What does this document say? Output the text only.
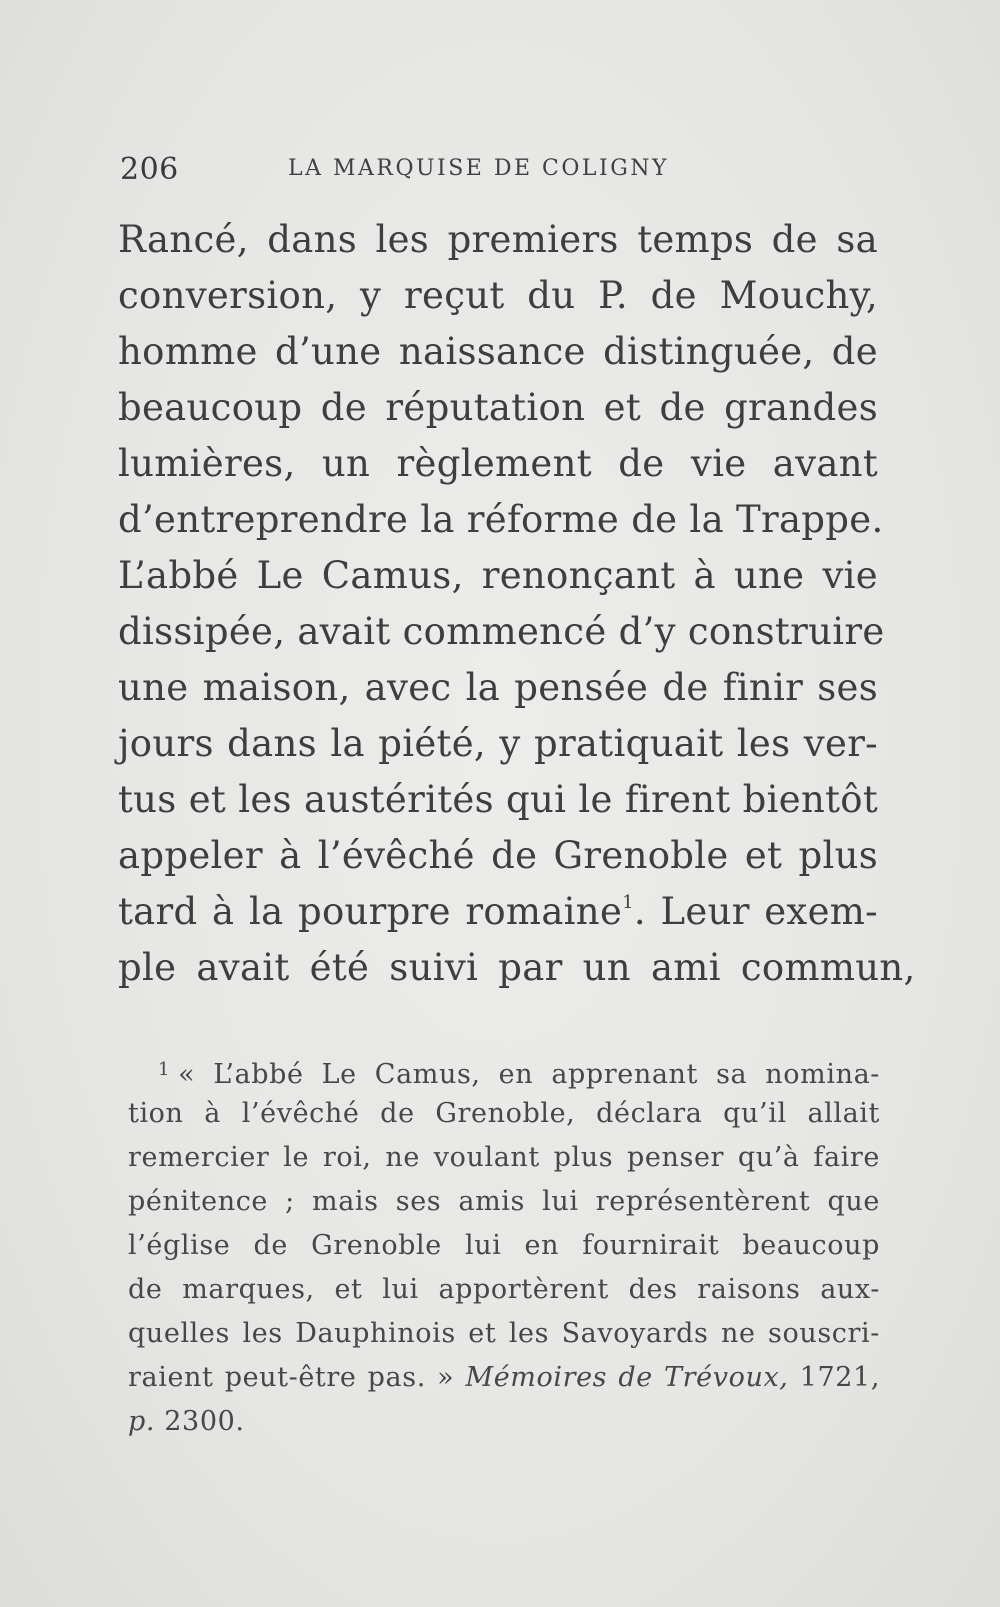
206	LA MARQUISE DE COLIGNY
Rancé, dans les premiers temps de sa
conversion, y reçut du P. de Mouchy,
homme d’une naissance distinguée, de
beaucoup de réputation et de grandes
lumières, un règlement de vie avant
d’entreprendre la réforme de la Trappe.
L’abbé Le Camus, renonçant à une vie
dissipée, avait commencé d’y construire
une maison, avec la pensée de finir ses
jours dans la piété, y pratiquait les ver-
tus et les austérités qui le firent bientôt
appeler à l’évêché de Grenoble et plus
tard à la pourpre romaine$^1$. Leur exem-
ple avait été suivi par un ami commun,
$^1$ « L’abbé Le Camus, en apprenant sa nomina-
tion à l’évêché de Grenoble, déclara qu’il allait
remercier le roi, ne voulant plus penser qu’à faire
pénitence ; mais ses amis lui représentèrent que
l’église de Grenoble lui en fournirait beaucoup
de marques, et lui apportèrent des raisons aux-
quelles les Dauphinois et les Savoyards ne souscri-
raient peut-être pas. » Mémoires de Trévoux, 1721,
p. 2300.
